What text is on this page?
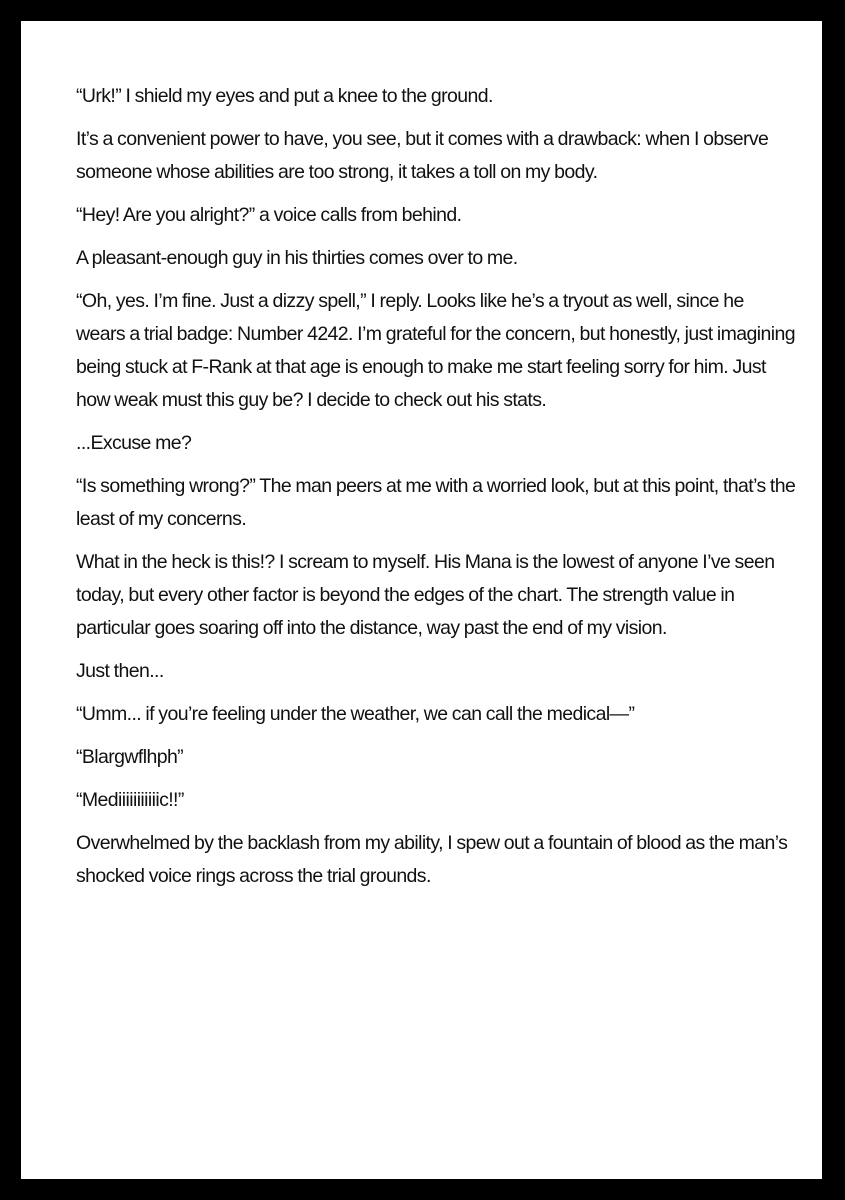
“Urk!” I shield my eyes and put a knee to the ground.

It’s a convenient power to have, you see, but it comes with a drawback: when I observe someone whose abilities are too strong, it takes a toll on my body.

“Hey! Are you alright?” a voice calls from behind.

A pleasant-enough guy in his thirties comes over to me.

“Oh, yes. I’m fine. Just a dizzy spell,” I reply. Looks like he’s a tryout as well, since he wears a trial badge: Number 4242. I’m grateful for the concern, but honestly, just imagining being stuck at F-Rank at that age is enough to make me start feeling sorry for him. Just how weak must this guy be? I decide to check out his stats.

...Excuse me?

“Is something wrong?” The man peers at me with a worried look, but at this point, that’s the least of my concerns.

What in the heck is this!? I scream to myself. His Mana is the lowest of anyone I’ve seen today, but every other factor is beyond the edges of the chart. The strength value in particular goes soaring off into the distance, way past the end of my vision.

Just then...

“Umm... if you’re feeling under the weather, we can call the medical—”

“Blargwflhph”

“Mediiiiiiiiiiic!!”

Overwhelmed by the backlash from my ability, I spew out a fountain of blood as the man’s shocked voice rings across the trial grounds.
